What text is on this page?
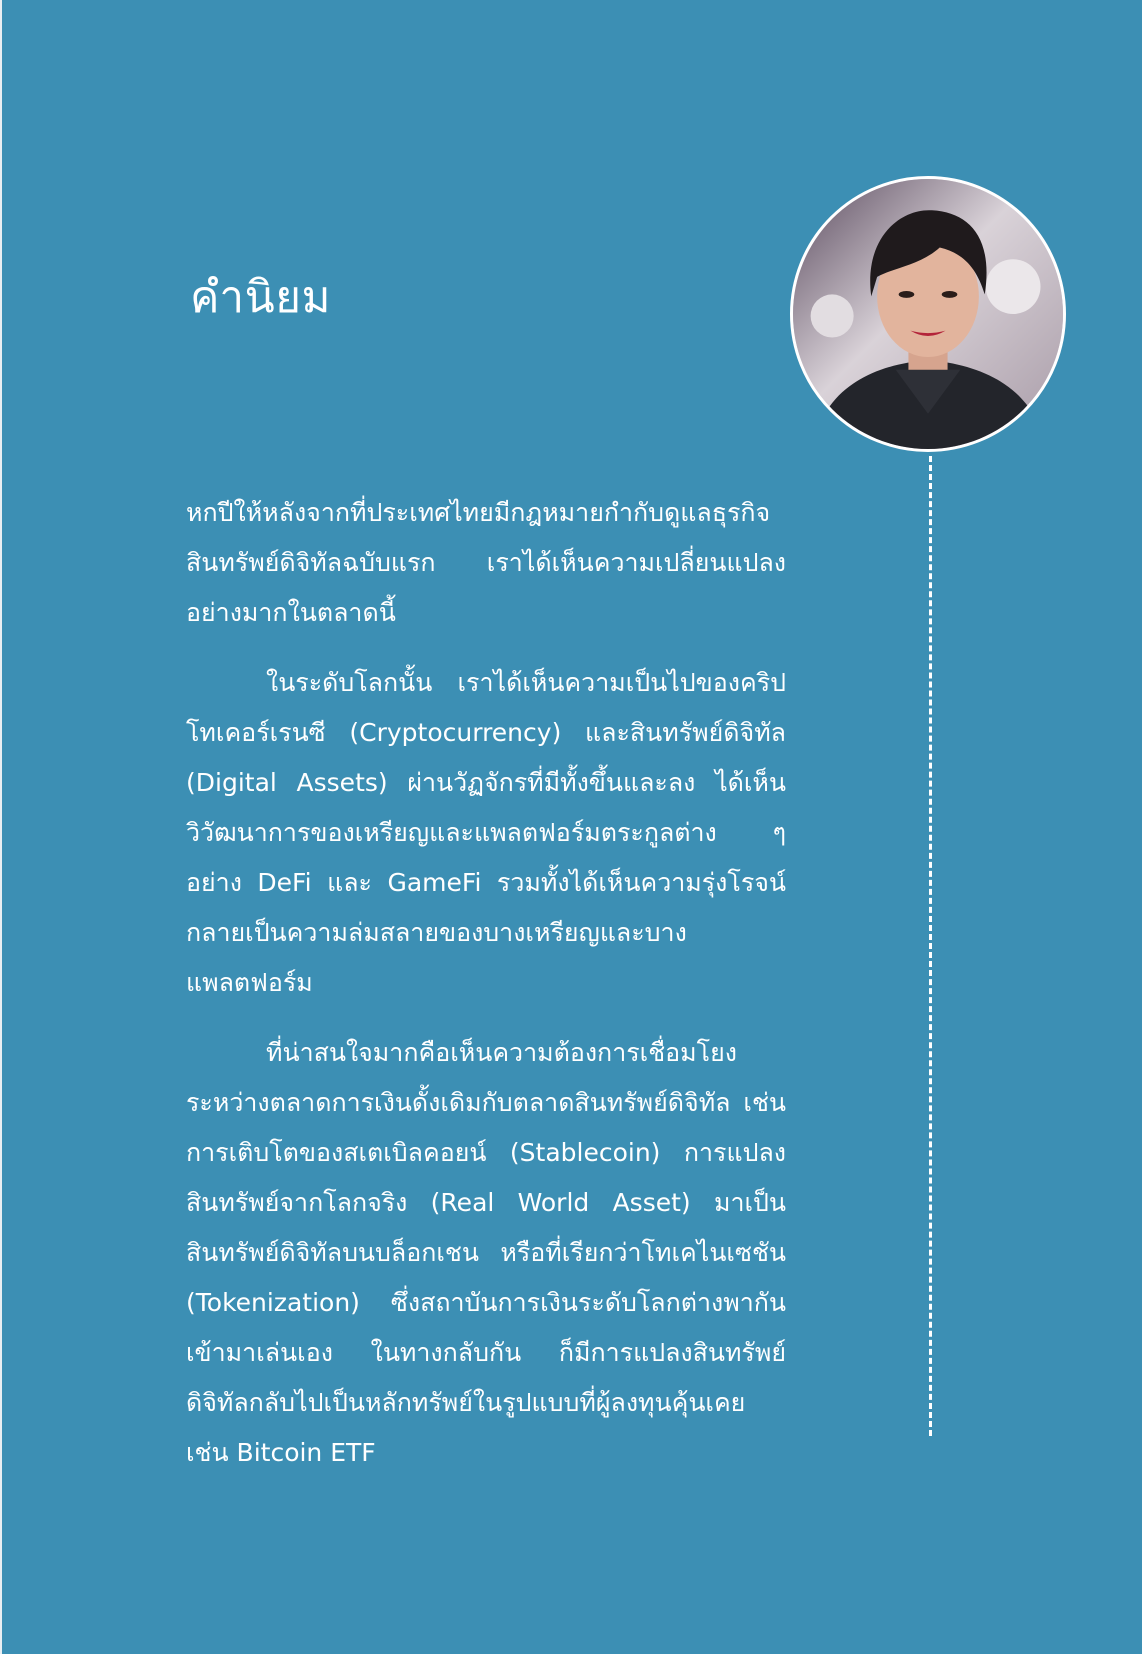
คำนิยม

หกปีให้หลังจากที่ประเทศไทยมีกฎหมายกำกับดูแลธุรกิจสินทรัพย์ดิจิทัลฉบับแรก เราได้เห็นความเปลี่ยนแปลงอย่างมากในตลาดนี้

ในระดับโลกนั้น เราได้เห็นความเป็นไปของคริปโทเคอร์เรนซี (Cryptocurrency) และสินทรัพย์ดิจิทัล (Digital Assets) ผ่านวัฏจักรที่มีทั้งขึ้นและลง ได้เห็นวิวัฒนาการของเหรียญและแพลตฟอร์มตระกูลต่าง ๆ อย่าง DeFi และ GameFi รวมทั้งได้เห็นความรุ่งโรจน์กลายเป็นความล่มสลายของบางเหรียญและบางแพลตฟอร์ม

ที่น่าสนใจมากคือเห็นความต้องการเชื่อมโยงระหว่างตลาดการเงินดั้งเดิมกับตลาดสินทรัพย์ดิจิทัล เช่น การเติบโตของสเตเบิลคอยน์ (Stablecoin) การแปลงสินทรัพย์จากโลกจริง (Real World Asset) มาเป็นสินทรัพย์ดิจิทัลบนบล็อกเชน หรือที่เรียกว่าโทเคไนเซชัน (Tokenization) ซึ่งสถาบันการเงินระดับโลกต่างพากันเข้ามาเล่นเอง ในทางกลับกัน ก็มีการแปลงสินทรัพย์ดิจิทัลกลับไปเป็นหลักทรัพย์ในรูปแบบที่ผู้ลงทุนคุ้นเคย เช่น Bitcoin ETF
